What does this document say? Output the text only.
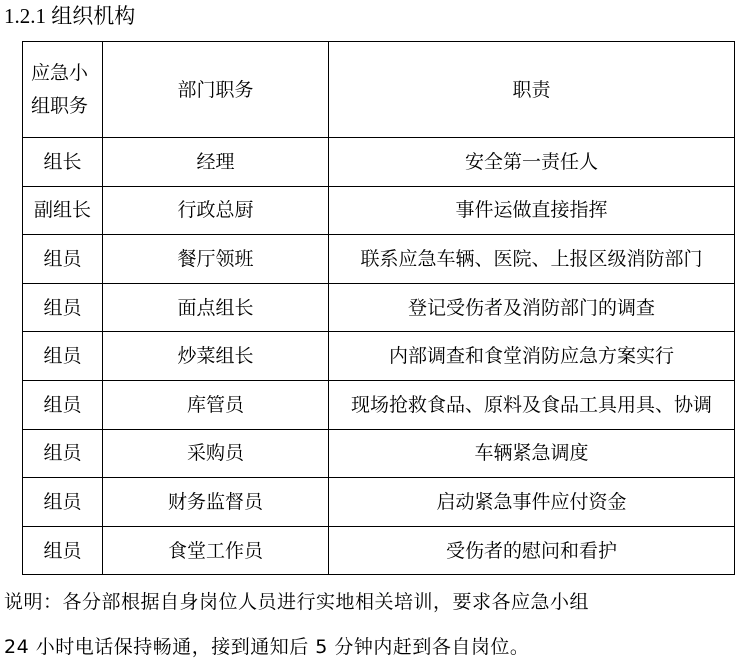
1.2.1 组织机构
应急小组职务	部门职务	职责
组长	经理	安全第一责任人
副组长	行政总厨	事件运做直接指挥
组员	餐厅领班	联系应急车辆、医院、上报区级消防部门
组员	面点组长	登记受伤者及消防部门的调查
组员	炒菜组长	内部调查和食堂消防应急方案实行
组员	库管员	现场抢救食品、原料及食品工具用具、协调
组员	采购员	车辆紧急调度
组员	财务监督员	启动紧急事件应付资金
组员	食堂工作员	受伤者的慰问和看护
说明：各分部根据自身岗位人员进行实地相关培训，要求各应急小组
24 小时电话保持畅通，接到通知后 5 分钟内赶到各自岗位。
